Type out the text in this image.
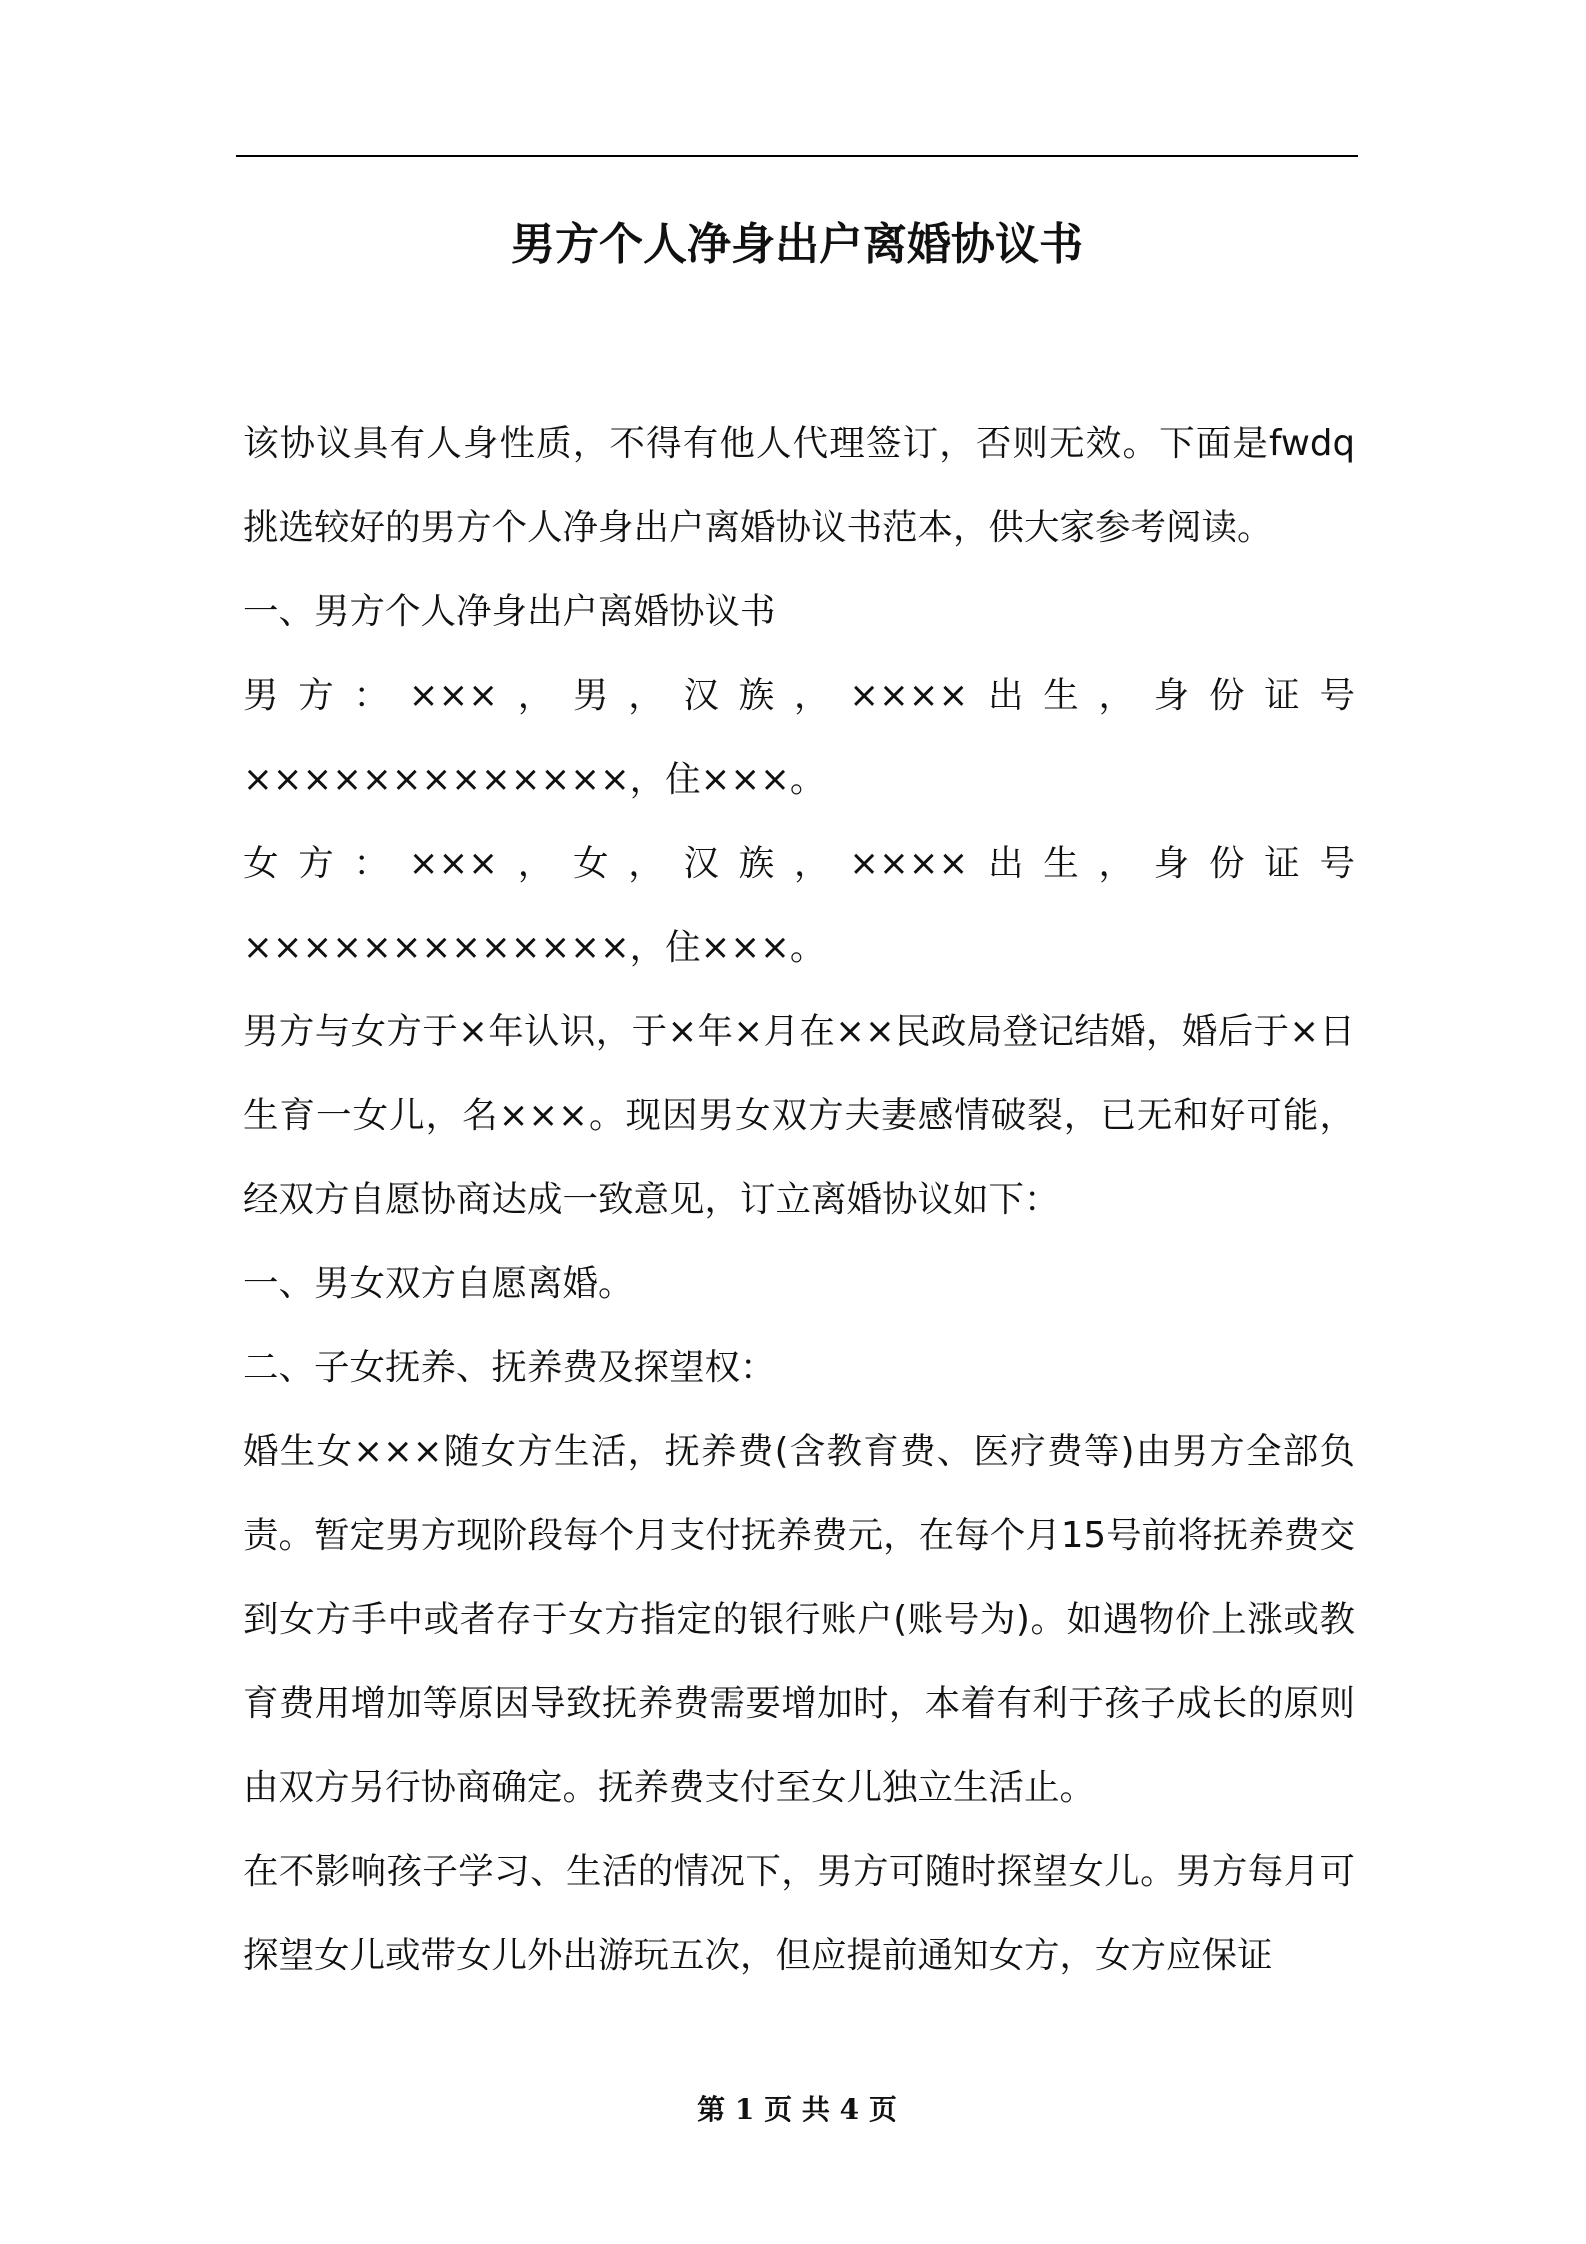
男方个人净身出户离婚协议书

该协议具有人身性质，不得有他人代理签订，否则无效。下面是fwdq挑选较好的男方个人净身出户离婚协议书范本，供大家参考阅读。

一、男方个人净身出户离婚协议书

男方：×××，男，汉族，××××出生，身份证号×××××××××××××，住×××。

女方：×××，女，汉族，××××出生，身份证号×××××××××××××，住×××。

男方与女方于×年认识，于×年×月在××民政局登记结婚，婚后于×日生育一女儿，名×××。现因男女双方夫妻感情破裂，已无和好可能，经双方自愿协商达成一致意见，订立离婚协议如下：

一、男女双方自愿离婚。

二、子女抚养、抚养费及探望权：

婚生女×××随女方生活，抚养费(含教育费、医疗费等)由男方全部负责。暂定男方现阶段每个月支付抚养费元，在每个月15号前将抚养费交到女方手中或者存于女方指定的银行账户(账号为)。如遇物价上涨或教育费用增加等原因导致抚养费需要增加时，本着有利于孩子成长的原则由双方另行协商确定。抚养费支付至女儿独立生活止。

在不影响孩子学习、生活的情况下，男方可随时探望女儿。男方每月可探望女儿或带女儿外出游玩五次，但应提前通知女方，女方应保证

第 1 页 共 4 页
